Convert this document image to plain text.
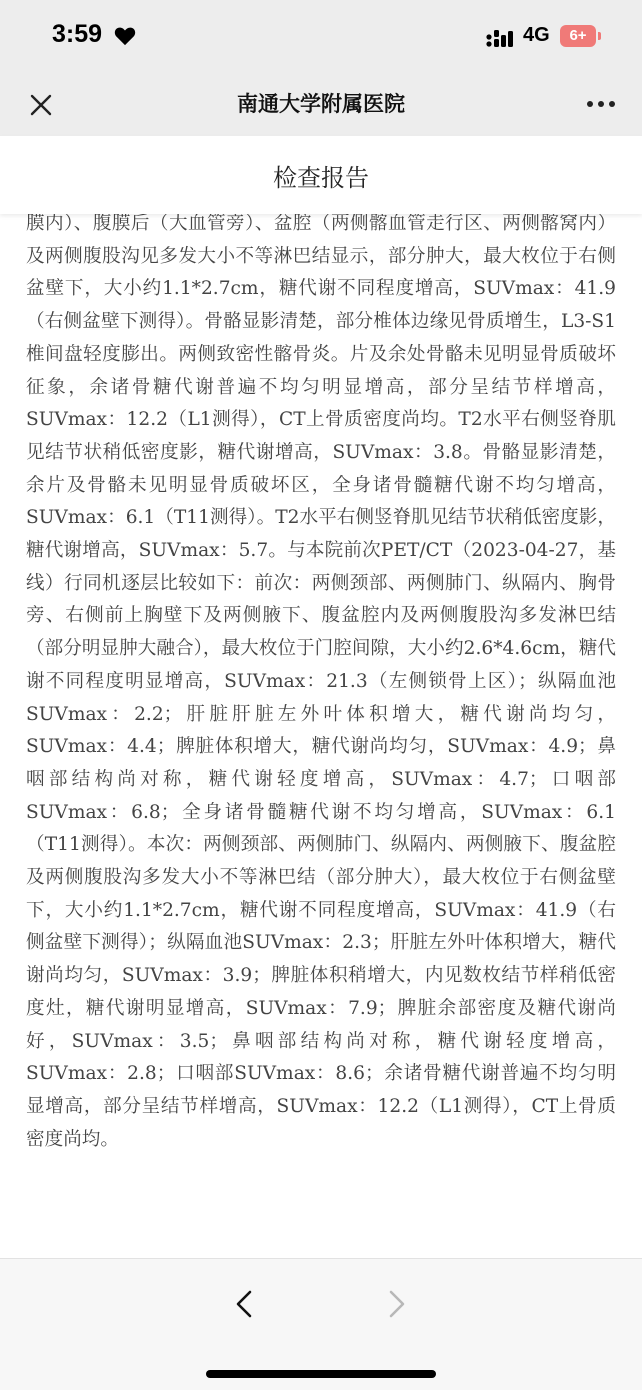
3:59	4G	6+
南通大学附属医院
检查报告

膜内）、腹膜后（大血管旁）、盆腔（两侧髂血管走行区、两侧髂窝内）及两侧腹股沟见多发大小不等淋巴结显示，部分肿大，最大枚位于右侧盆壁下，大小约1.1*2.7cm，糖代谢不同程度增高，SUVmax：41.9（右侧盆壁下测得）。骨骼显影清楚，部分椎体边缘见骨质增生，L3-S1椎间盘轻度膨出。两侧致密性髂骨炎。片及余处骨骼未见明显骨质破坏征象，余诸骨糖代谢普遍不均匀明显增高，部分呈结节样增高，SUVmax：12.2（L1测得），CT上骨质密度尚均。T2水平右侧竖脊肌见结节状稍低密度影，糖代谢增高，SUVmax：3.8。骨骼显影清楚，余片及骨骼未见明显骨质破坏区，全身诸骨髓糖代谢不均匀增高，SUVmax：6.1（T11测得）。T2水平右侧竖脊肌见结节状稍低密度影，糖代谢增高，SUVmax：5.7。与本院前次PET/CT（2023-04-27，基线）行同机逐层比较如下：前次：两侧颈部、两侧肺门、纵隔内、胸骨旁、右侧前上胸壁下及两侧腋下、腹盆腔内及两侧腹股沟多发淋巴结（部分明显肿大融合），最大枚位于门腔间隙，大小约2.6*4.6cm，糖代谢不同程度明显增高，SUVmax：21.3（左侧锁骨上区）；纵隔血池SUVmax：2.2；肝脏肝脏左外叶体积增大，糖代谢尚均匀，SUVmax：4.4；脾脏体积增大，糖代谢尚均匀，SUVmax：4.9；鼻咽部结构尚对称，糖代谢轻度增高，SUVmax：4.7；口咽部SUVmax：6.8；全身诸骨髓糖代谢不均匀增高，SUVmax：6.1（T11测得）。本次：两侧颈部、两侧肺门、纵隔内、两侧腋下、腹盆腔及两侧腹股沟多发大小不等淋巴结（部分肿大），最大枚位于右侧盆壁下，大小约1.1*2.7cm，糖代谢不同程度增高，SUVmax：41.9（右侧盆壁下测得）；纵隔血池SUVmax：2.3；肝脏左外叶体积增大，糖代谢尚均匀，SUVmax：3.9；脾脏体积稍增大，内见数枚结节样稍低密度灶，糖代谢明显增高，SUVmax：7.9；脾脏余部密度及糖代谢尚好，SUVmax：3.5；鼻咽部结构尚对称，糖代谢轻度增高，SUVmax：2.8；口咽部SUVmax：8.6；余诸骨糖代谢普遍不均匀明显增高，部分呈结节样增高，SUVmax：12.2（L1测得），CT上骨质密度尚均。
